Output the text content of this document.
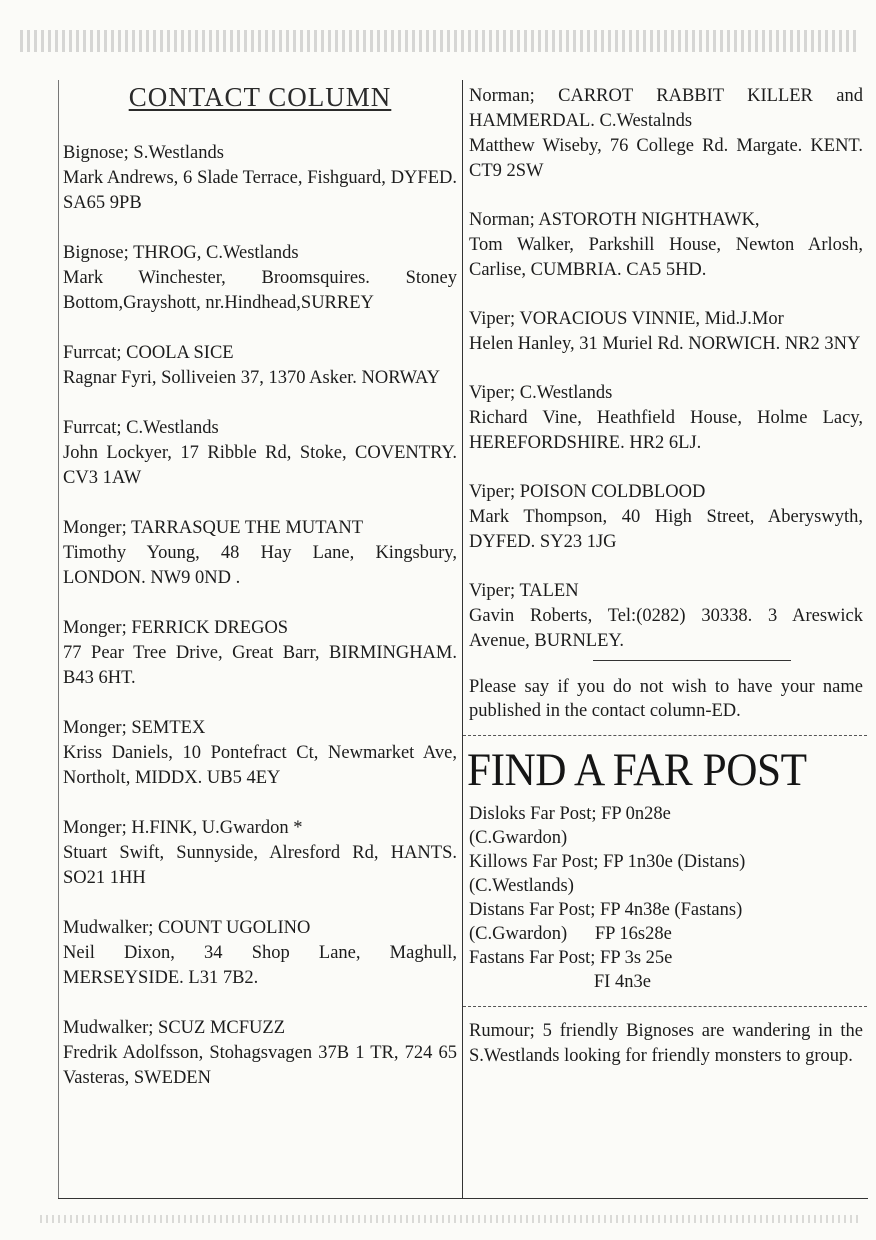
CONTACT COLUMN
Bignose; S.Westlands
Mark Andrews, 6 Slade Terrace, Fishguard, DYFED. SA65 9PB
Bignose; THROG, C.Westlands
Mark Winchester, Broomsquires. Stoney Bottom,Grayshott, nr.Hindhead,SURREY
Furrcat; COOLA SICE
Ragnar Fyri, Solliveien 37, 1370 Asker. NORWAY
Furrcat; C.Westlands
John Lockyer, 17 Ribble Rd, Stoke, COVENTRY. CV3 1AW
Monger; TARRASQUE THE MUTANT
Timothy Young, 48 Hay Lane, Kingsbury, LONDON. NW9 0ND .
Monger; FERRICK DREGOS
77 Pear Tree Drive, Great Barr, BIRMINGHAM. B43 6HT.
Monger; SEMTEX
Kriss Daniels, 10 Pontefract Ct, Newmarket Ave, Northolt, MIDDX. UB5 4EY
Monger; H.FINK, U.Gwardon *
Stuart Swift, Sunnyside, Alresford Rd, HANTS. SO21 1HH
Mudwalker; COUNT UGOLINO
Neil Dixon, 34 Shop Lane, Maghull, MERSEYSIDE. L31 7B2.
Mudwalker; SCUZ MCFUZZ
Fredrik Adolfsson, Stohagsvagen 37B 1 TR, 724 65 Vasteras, SWEDEN
Norman; CARROT RABBIT KILLER and HAMMERDAL. C.Westalnds
Matthew Wiseby, 76 College Rd. Margate. KENT. CT9 2SW
Norman; ASTOROTH NIGHTHAWK,
Tom Walker, Parkshill House, Newton Arlosh, Carlise, CUMBRIA. CA5 5HD.
Viper; VORACIOUS VINNIE, Mid.J.Mor
Helen Hanley, 31 Muriel Rd. NORWICH. NR2 3NY
Viper; C.Westlands
Richard Vine, Heathfield House, Holme Lacy, HEREFORDSHIRE. HR2 6LJ.
Viper; POISON COLDBLOOD
Mark Thompson, 40 High Street, Aberyswyth, DYFED. SY23 1JG
Viper; TALEN
Gavin Roberts, Tel:(0282) 30338. 3 Areswick Avenue, BURNLEY.
Please say if you do not wish to have your name published in the contact column-ED.
FIND A FAR POST
Disloks Far Post; FP 0n28e
(C.Gwardon)
Killows Far Post; FP 1n30e (Distans)
(C.Westlands)
Distans Far Post; FP 4n38e (Fastans)
(C.Gwardon)      FP 16s28e
Fastans Far Post; FP 3s 25e
FI 4n3e
Rumour; 5 friendly Bignoses are wandering in the S.Westlands looking for friendly monsters to group.
